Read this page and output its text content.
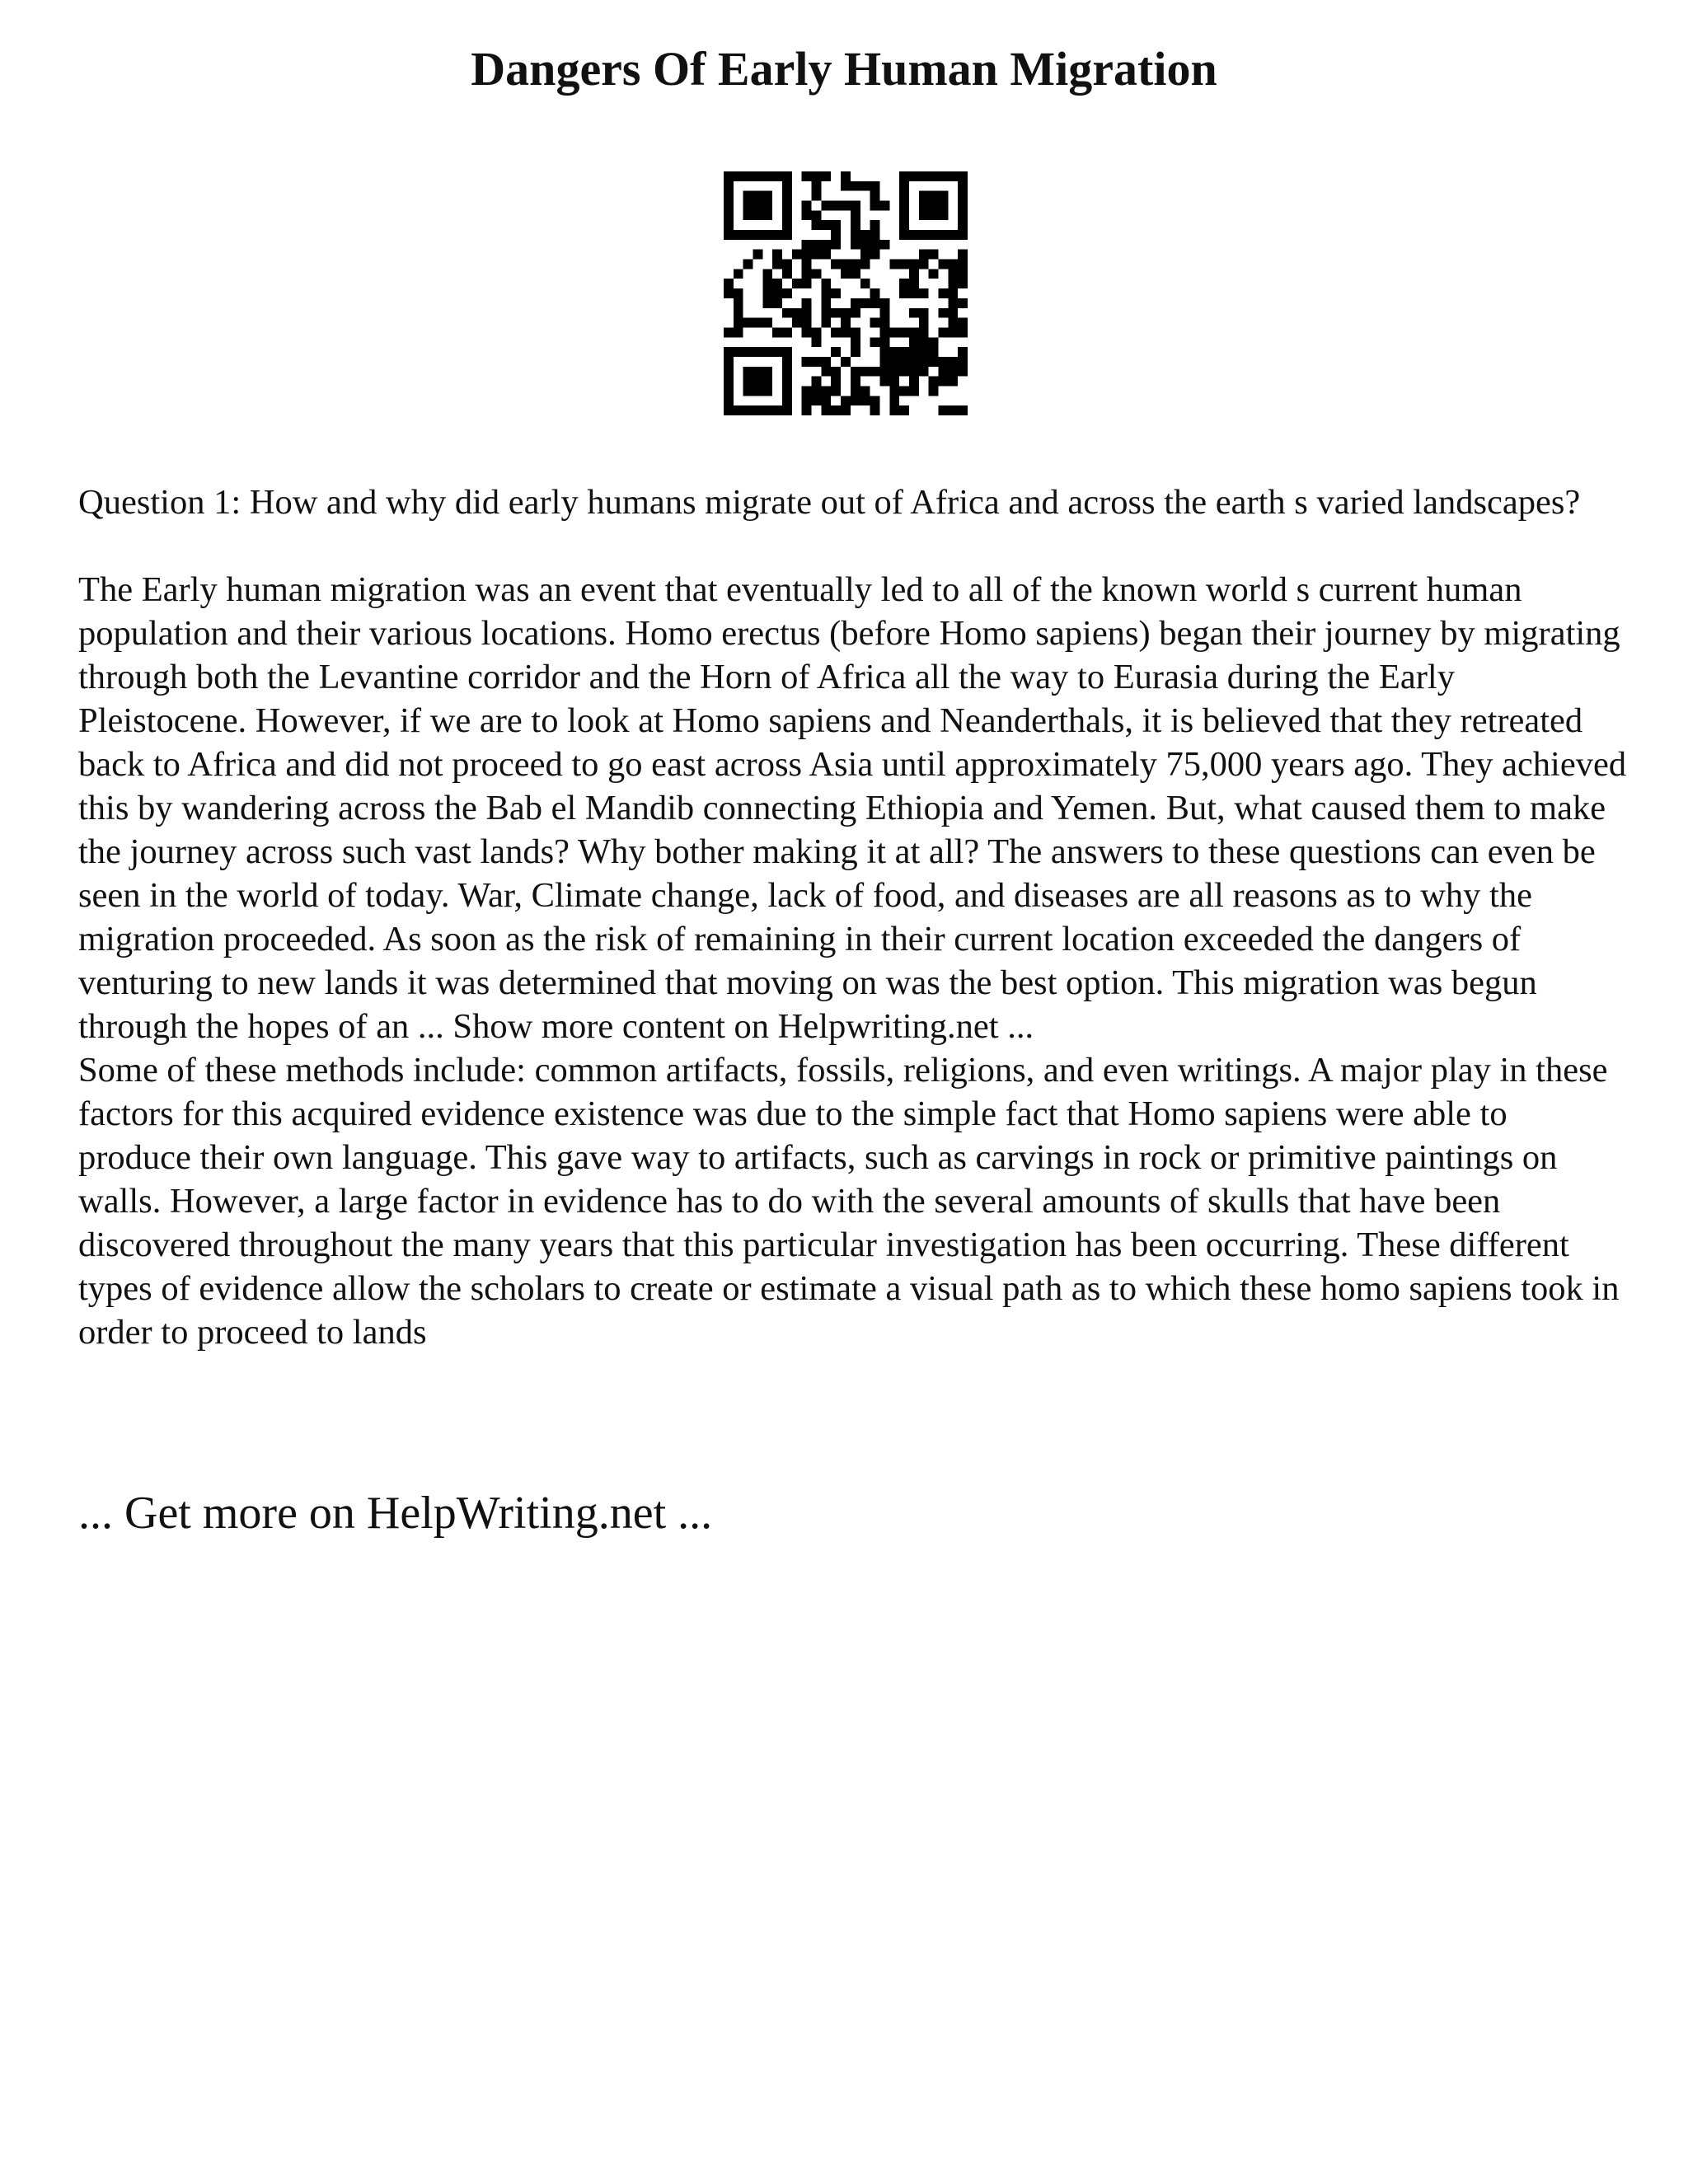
Dangers Of Early Human Migration

Question 1: How and why did early humans migrate out of Africa and across the earth s varied landscapes?

The Early human migration was an event that eventually led to all of the known world s current human population and their various locations. Homo erectus (before Homo sapiens) began their journey by migrating through both the Levantine corridor and the Horn of Africa all the way to Eurasia during the Early Pleistocene. However, if we are to look at Homo sapiens and Neanderthals, it is believed that they retreated back to Africa and did not proceed to go east across Asia until approximately 75,000 years ago. They achieved this by wandering across the Bab el Mandib connecting Ethiopia and Yemen. But, what caused them to make the journey across such vast lands? Why bother making it at all? The answers to these questions can even be seen in the world of today. War, Climate change, lack of food, and diseases are all reasons as to why the migration proceeded. As soon as the risk of remaining in their current location exceeded the dangers of venturing to new lands it was determined that moving on was the best option. This migration was begun through the hopes of an ... Show more content on Helpwriting.net ...

Some of these methods include: common artifacts, fossils, religions, and even writings. A major play in these factors for this acquired evidence existence was due to the simple fact that Homo sapiens were able to produce their own language. This gave way to artifacts, such as carvings in rock or primitive paintings on walls. However, a large factor in evidence has to do with the several amounts of skulls that have been discovered throughout the many years that this particular investigation has been occurring. These different types of evidence allow the scholars to create or estimate a visual path as to which these homo sapiens took in order to proceed to lands

... Get more on HelpWriting.net ...
